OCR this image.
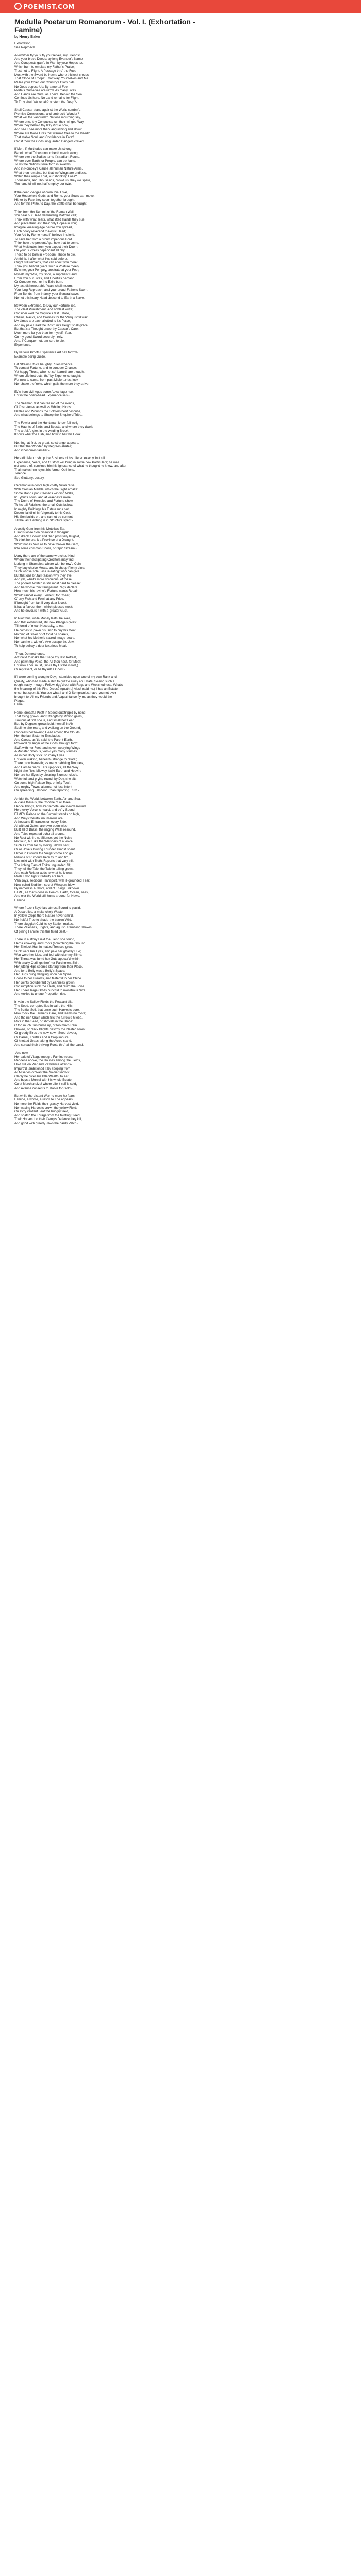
POEMIST.COM
Medulla Poetarum Romanorum - Vol. I. (Exhortation - Famine)
by Henry Baker
Exhortation,
See Reproach.
All-whither fly you? fly yourselves, my Friends!
And your brave Deeds; by long Evander's Name
And Conquests gain'd in War; by your Hopes too,
Which burn to emulate my Father's Praise;
Trust not to Flight. A Passage thro' the Foes
Must with the Sword be hewn: where thickest crouds
That Globe of Troops: That Way, Yourselves and Me
Pallas your Chief, our Country's Glory bids.
No Gods oppose Us: By a mortal Foe
Mortals Ourselves are urg'd: As many Lives
And Hands are Ours, as Theirs. Behold the Sea
Confines Us here. No Land remains for Flight.
To Troy shall We repair? or stem the Deep?-
Shall Caesar stand against the World combin'd,
Promise Conclusions, and embrac'd Wonder?
What will the vanquish'd Nations mourning say,
Where once thy Conquests run their winged Way,
When they behold thy lazy Virtue now,
And see Thee more than languishing and slow?
Where are those Fires that warm'd thee to the Deed?
That stable Soul, and Confidence in Fate?
Canst thou the Gods' unguarded Dangers crave?
If Men, if Multitudes can make Us strong;
Behold what Tribes unnumber'd march along!
Where-e'er the Zodiac turns it's radiant Round,
Where-ever Earth, or People, can be found,
To Us the Nations issue forth in swarms;
And in Pompey's Cause all human Nature Arms.
What then remains, but that we Wings are endless,
Within their ample Fold, our shrinking Foes?
Thousands, and Thousands, crowd us, they we spare,
Ten handful will not half employ our War.
If the dear Pledges of connubial Love,
Your Household-Gods, and Rome, your Souls can move,-
Hither by Fate they seem together brought,
And for this Prize, to Day, the Battle shall be fought.-
Think from the Summit of the Roman Wall,
You hear our Dead demanding Matrons call;
Think with what Tears, what lifted Hands they sue,
And place their last, their only Hopes in You;
Imagine kneeling Age before You spread,
Each hoary reverend majestic Head;
Your Aid by Rome herself, believe implor'd,
To save her from a proud imperious Lord.
Think how the present Age, how that to come,
What Multitudes from you expect their Doom;
On your Success dependant all rely:
These to be born in Freedom, Those to die.
Ah think, if after what I've said before,
Ought still remains, that can affect you more:
Think you behold (were such a Posture meet)
Ev'n me, your Pompey, prostrate at your Feet;
Myself, my Wife, my Sons, a suppliant Band,
From You our Lives, and Liberties demand.
Or Conquer You, or I to Exile born,
My last dishonourable Years shall mourn;
Your long Reproach, and your proud Father's Scorn.
From Bonds, from Infamy, your General save;
Nor let this hoary Head descend to Earth a Slave.-
Between Extremes, to Day our Fortune lies,
The vilest Punishment, and noblest Prize;
Consider well the Captive's fast Estate,
Chains, Racks, and Crosses for the Vanquish'd wait:
My Limbs are each allotted to it's Place,
And my pale Head the Rostrum's Height shall grace.
But that's a Thought unworthy Caesar's Care:-
Much more for you than for myself I fear.
On my good Sword securely I rely,
And, if Conquer not, am sure to die.-
Experience.
By various Proofs Experience Art has form'd-
Example being Guide.-
Let Strains Ethics haughty Rules whence,
To combat Fortune, and to conquer Chance:
Yet happy Those, who not so' learn'd, are thought,
Whom Life instructs, tho' by Experience taught;
For new to come, from past Misfortunes, look
Nor shake the Yoke, which galls the more they strive.-
Ev'n from civil Ages some Advantage rise,
For in the hoary-head Experience lies.-
The Seaman fast can reason of the Winds,
Of Oxen-tenes as well as Whiting Hinds:
Battles and Wounds the Soldiers best describe,
And what belongs to Sheep the Shepherd Tribe.-
The Fowler and the Huntsman know full well,
The Haunts of Birds, and Beasts, and where they dwell:
The artful Angler, in the winding Brook,
Knows what the Fish, and how to bait his Hook.
Nothing, at first, so great, so strange appears,
But that the Wonder, by Degrees abates;
And it becomes familiar.-
Here did Man rush up the Business of his Life so exactly, but still
Experience, Years, and Custom will bring in some new Particulars; he was
not aware of, convince him his Ignorance of what he thought he knew, and after
Trial makes him reject his former Opinions.-
Terence.
See Gluttony, Luxury.
Ceremonious doors high costly Villas raise
With Grecian Marble, which the Sight amaze:
Some stand upon Caesar's winding Walls,
In Tybur's Town, and at Praeneste more.
The Dome of Hercules and Fortune show,
To his tall Fabricks, the small Cots below:
In mighty Buildings his Estate runs out,
Decennial diminish'd greatly to his Cost,
His Son builds on, and cannot be content
Till the last Farthing is in Structure spent.-
A costly Gem from his Metella's Ear,
Elsop's loose Son dissolv'd in Vinegar:
And drank it down: and then profusely laugh'd,
To think he drank a Province at a Draught.
Won't not as Vain as to have thrown the Gem,
Into some common Shore, or rapid Stream.-
Many there are of the same wretched Kind,
Whom their dissipating Creditors may find
Lurking in Shambles: where with borrow'd Coin
They buy choice Meats, and in cheap Plenty dine:
Such whose sole Bliss is eating: who can give
But that one brutal Reason why they live.
And yet, what's more ridiculous: of these
The poorest Wretch is still most hard to please:
And he whose thin transparent Rags declare
How much his ravine'd Fortune wants Repair,
Would rancel every Element, for Cheer,
O' erry Fish and Fowl, at any Price.
If brought from far, if very dear it cost,
It has a flavour then, which pleases most;
And he devours it with a greater Gust.
In Riot thus, while Money lasts, he lives,
And that exhausted, still new Pledges gives:
Till forc'd of mean Necessity, to eat,
He comes to pawn his Dish to buy his Meat:
Nothing of Silver or of Gold he spares,
Nor what his Mother's sacred Image bears.-
Nor can he a wither'd Ave escape the Jaw;
To help defray a dear luxurious Meal.-
-Thou, Demosthenes,
Art forc'd to make the Stage thy last Retreat,
And pawn thy Voice, the All thou hast, for Meat:
For now Thou must, (since thy Estate is lost,)
Or represent, or be thyself a Ghost.-
If I were coming along to Day; I stumbled upon one of my own Rank and
Quality, who had made a shift to guzzle away an Estate. Seeing such a
rough, nasty, meagre Fellow, rigg'd out with Rags and Wretchedness, What's
the Meaning of this Fine Dress? (quoth I.) Alas! (said he,) I had an Estate
once, but spent it. You see what I am! O Sempronius, have you not ever
brought to: All my Friends and Acquaintance fly me as they would the
Plague.-
Fame.
Fame, dreadful Pest! in Speed outstripp'd by none:
That flying grows, and Strength by Motion gains,
Tim'rous at first she is, and small her Fear,
But, by Degrees grows bold, herself in Air
Sublime she rears, and walking on the Ground,
Conceals her towring Head among the Clouds;
Her, the last Sister to Enceladus,
And Caeus, as 'tis said, the Parent Earth,
Provok'd by Anger of the Gods, brought forth:
Swift with her Feet, and never-wearying Wings
A Monster hideous, vast-Eyes many Plumes
As in her Body stick, so many Eyes
For ever waking, beneath (strange to relate!)
There grow beneath; as many babbling Tongues,
And Ears to many Ears up-pricks, all the Way
Night she flies, Midway 'twixt Earth and Heav'n;
Nor are her Eyes by pleasing Slumber clos'd.
Watchful, and prying round, by Day, she sits
On some high Palace Top, or lofty Tow'r,
And mighty Towns alarms: not less intent
On spreading Falshood, than reporting Truth.-
Amidst the World, between Earth, Air, and Sea,
A Place there is, the Confine of all three:
Hence Things, how e'er remote, are view'd around;
Here ev'ry Voice is heard, and ev'ry Sound
FAME's Palace on the Summit stands on high,
And Ways thereto innumerous are:
A thousand Entrances on every Side,
All without Gates, are ever open wide.
Built all of Brass, the ringing Walls resound,
And Tales repeated echo all around.
No Rest within, no Silence; yet the Noise
Not loud, but like the Whispers of a Voice;
Such as from far by rolling Billows sent,
Or as Jove's lowring Thunder almost spent.
Hither in Crowds the Vulgar come and go,
Millions of Rumours here fly to and fro,
Lies mixt with Truth, Reports that vary still,
The itching Ears of Folks unguarded fill;
They tell the Tale, the Tale in telling grows,
And each Relater adds to what he knows.
Rash Error, light Credulity are here,
Vain Joys, seditious Transport, with ill-grounded Fear;
New-coin'd Sedition, secret Whispers blown
By nameless Authors, and of Things unknown.
FAME, all that's done in Heav'n, Earth, Ocean, sees,
And o'er the World still hunts around for News.-
Famine.
Where frozen Scythia's utmost Bound is plac'd,
A Desart lies, a melancholy Waste:
In yellow Crops there Nature never smil'd,
No fruitful Tree to shade the barren Wild.
There sluggish Cold its icy Station makes,
There Paleness, Frights, and aguish Trembling shakes,
Of pining Famine this the fated Seat.-
There in a stony Field the Fiend she found,
Herbs knawing, and Roots (scratching the Ground.
Her Elfelock Hair in matted Tresses grew,
Sunk were her Eyes, and pale her ghastly Hue;
Wan were her Lips, and foul with clammy Slime;
Her Throat was furr'd her Guts appear'd within
With snaky Curlings thro' her Parchment Skin.
Her jutting Hips seem'd starting from their Place,
And for a Belly was a Belly's Space;
Her Dugs hung dangling upon her Spine,
Loose to her Breasts, and fasten'd to her Chine.
Her Joints protuberant by Leanness grown,
Consumption sunk the Flesh, and rais'd the Bone.
Her Knees large Orbits bunch'd to monstrous Size,
And Ankles to undue Proportion rise.-
In vain the Sallow Fields the Peasant tills,
The Seed, corrupted lies in vain, the Hills
The fruitful Soil, that once such Harvests bore,
Now mock the Farmer's Care, and teems no more;
And the rich Grain which fills the furrow'd Glebe,
Rots in the Seed, or shrivels in the Blade:
O too much Sun burns up, or too much Rain
Drowns, or black Blights destroy the blasted Plain:
Or greedy Birds the new-sown Seed devour,
Or Darnel, Thistles and a Crop impure
Of knotted Grass, along the Acres stand,
And spread their thriving Roots thro' all the Land.-
-And now
Her baleful Visage meagre Famine rears:
Reddens above, the Houses among the Fields,
Hold still on War and Pestilence attends-
Impure'd, ambitioned it by keeping from
All Miseries of Want the Soldier knows:
Gladly he gives his little Wealth, to eat,
And buys a Morsel with his whole Estate.
Curst Merchandize! where Life it self is sold,
And Avarice consents to starve for Gold.-
But while the distant War no more he fears,
Famine, a worse, a resolute Foe appears.
No more the Fields their grassy Harvest yield,
Nor waving Harvests crown the yellow Field:
On ev'ry verdant Leaf the hungry feed,
And snatch the Forage from the fainting Steed:
Their Horses too their Camp's Defence they kill,
And grind with greedy Jaws the hardy Vetch.-
